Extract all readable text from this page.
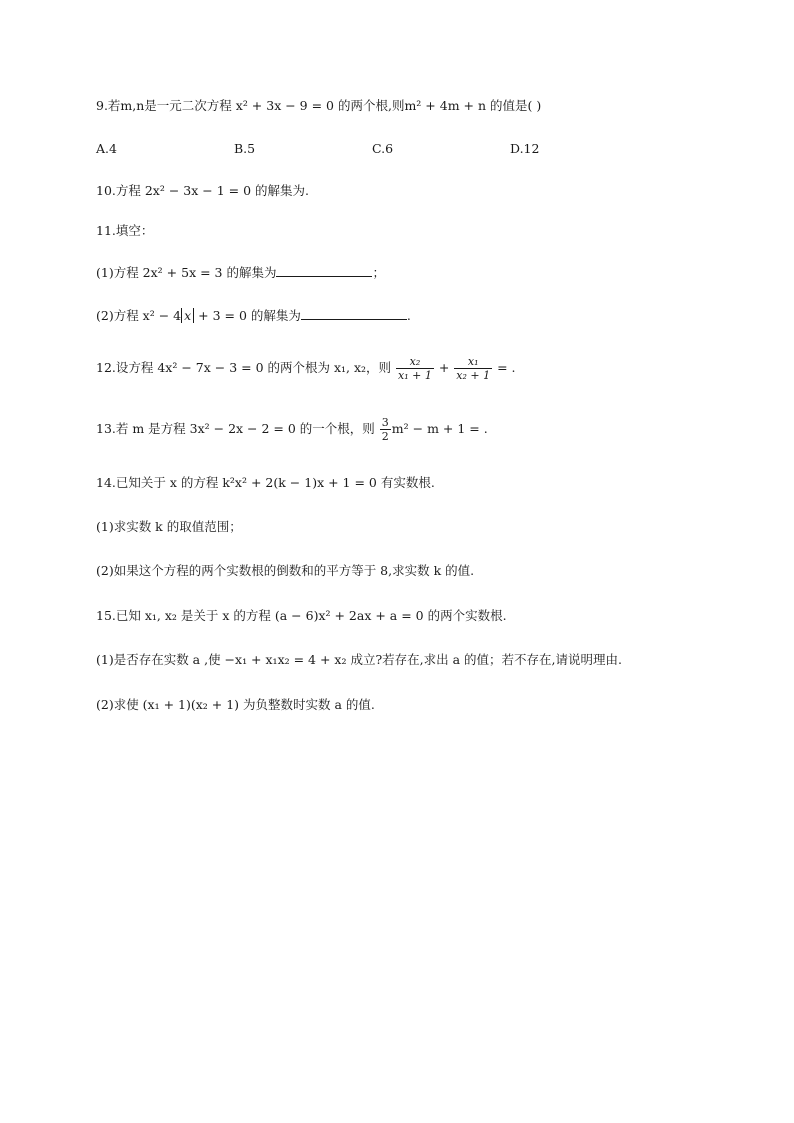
9.若m,n是一元二次方程 x² + 3x − 9 = 0 的两个根,则m² + 4m + n 的值是( )
A.4	B.5	C.6	D.12
10.方程 2x² − 3x − 1 = 0 的解集为.
11.填空：
(1)方程 2x² + 5x = 3 的解集为	；
(2)方程 x² − 4 x + 3 = 0 的解集为	.
12.设方程 4x² − 7x − 3 = 0 的两个根为 x₁, x₂，则 $\frac{\text{x₂}}{\text{x₁ + 1}} + \frac{\text{x₁}}{\text{x₂ + 1}}$ = .
13.若 m 是方程 3x² − 2x − 2 = 0 的一个根，则 $\frac{3}{2} m^2 - m + 1$ = .
14.已知关于 x 的方程 k²x² + 2(k − 1)x + 1 = 0 有实数根.
(1)求实数 k 的取值范围；
(2)如果这个方程的两个实数根的倒数和的平方等于 8,求实数 k 的值.
15.已知 x₁, x₂ 是关于 x 的方程 (a − 6)x² + 2ax + a = 0 的两个实数根.
(1)是否存在实数 a ,使 −x₁ + x₁x₂ = 4 + x₂ 成立?若存在,求出 a 的值；若不存在,请说明理由.
(2)求使 (x₁ + 1)(x₂ + 1) 为负整数时实数 a 的值.
